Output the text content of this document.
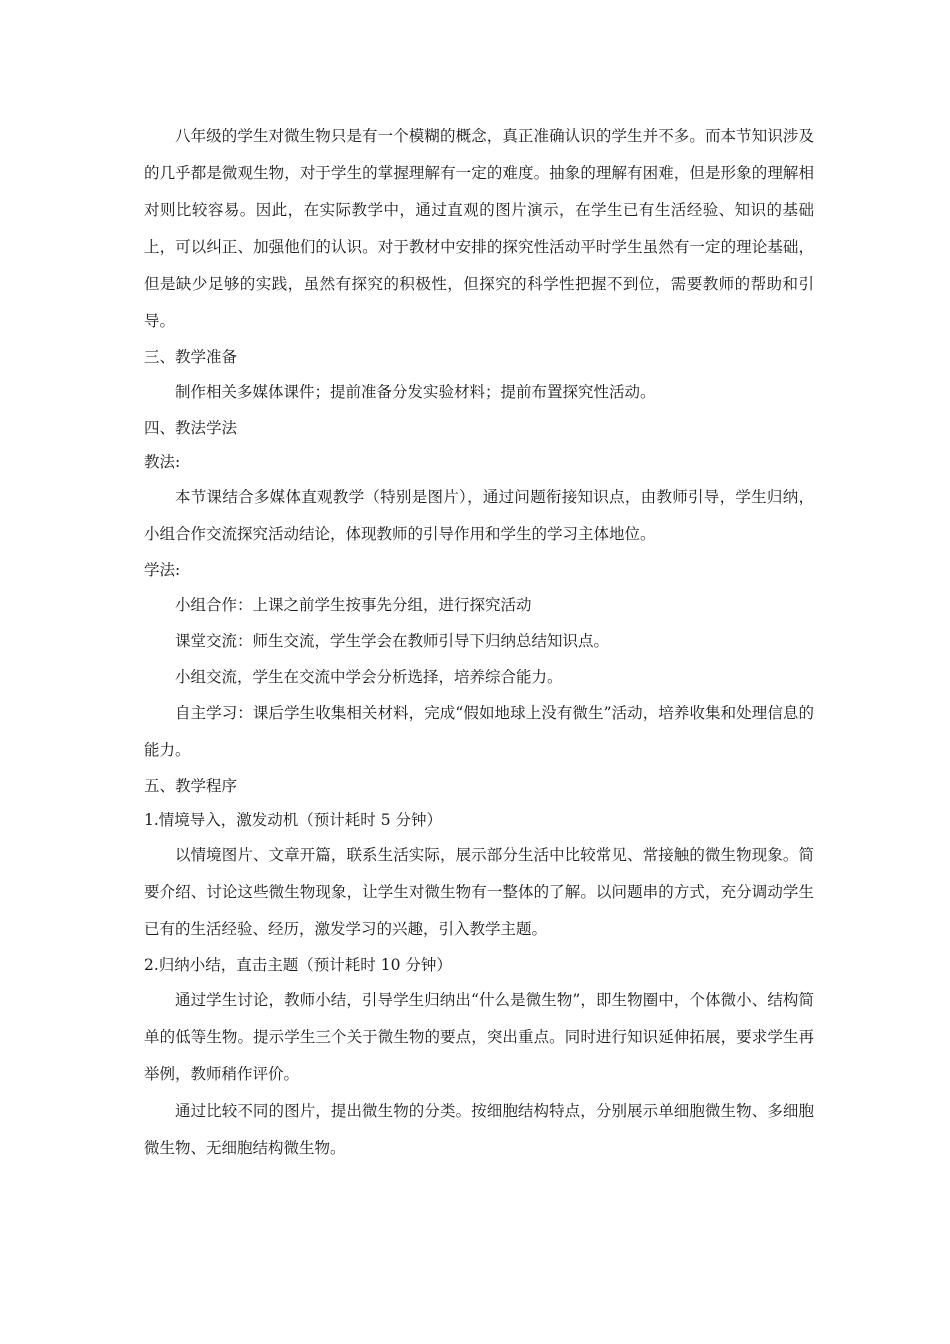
八年级的学生对微生物只是有一个模糊的概念，真正准确认识的学生并不多。而本节知识涉及的几乎都是微观生物，对于学生的掌握理解有一定的难度。抽象的理解有困难，但是形象的理解相对则比较容易。因此，在实际教学中，通过直观的图片演示，在学生已有生活经验、知识的基础上，可以纠正、加强他们的认识。对于教材中安排的探究性活动平时学生虽然有一定的理论基础，但是缺少足够的实践，虽然有探究的积极性，但探究的科学性把握不到位，需要教师的帮助和引导。

三、教学准备

制作相关多媒体课件；提前准备分发实验材料；提前布置探究性活动。

四、教法学法

教法:

本节课结合多媒体直观教学（特别是图片），通过问题衔接知识点，由教师引导，学生归纳，小组合作交流探究活动结论，体现教师的引导作用和学生的学习主体地位。

学法:

小组合作：上课之前学生按事先分组，进行探究活动

课堂交流：师生交流，学生学会在教师引导下归纳总结知识点。

小组交流，学生在交流中学会分析选择，培养综合能力。

自主学习：课后学生收集相关材料，完成“假如地球上没有微生”活动，培养收集和处理信息的能力。

五、教学程序

1.情境导入，激发动机（预计耗时 5 分钟）

以情境图片、文章开篇，联系生活实际，展示部分生活中比较常见、常接触的微生物现象。简要介绍、讨论这些微生物现象，让学生对微生物有一整体的了解。以问题串的方式，充分调动学生已有的生活经验、经历，激发学习的兴趣，引入教学主题。

2.归纳小结，直击主题（预计耗时 10 分钟）

通过学生讨论，教师小结，引导学生归纳出“什么是微生物”，即生物圈中，个体微小、结构简单的低等生物。提示学生三个关于微生物的要点，突出重点。同时进行知识延伸拓展，要求学生再举例，教师稍作评价。

通过比较不同的图片，提出微生物的分类。按细胞结构特点，分别展示单细胞微生物、多细胞微生物、无细胞结构微生物。
